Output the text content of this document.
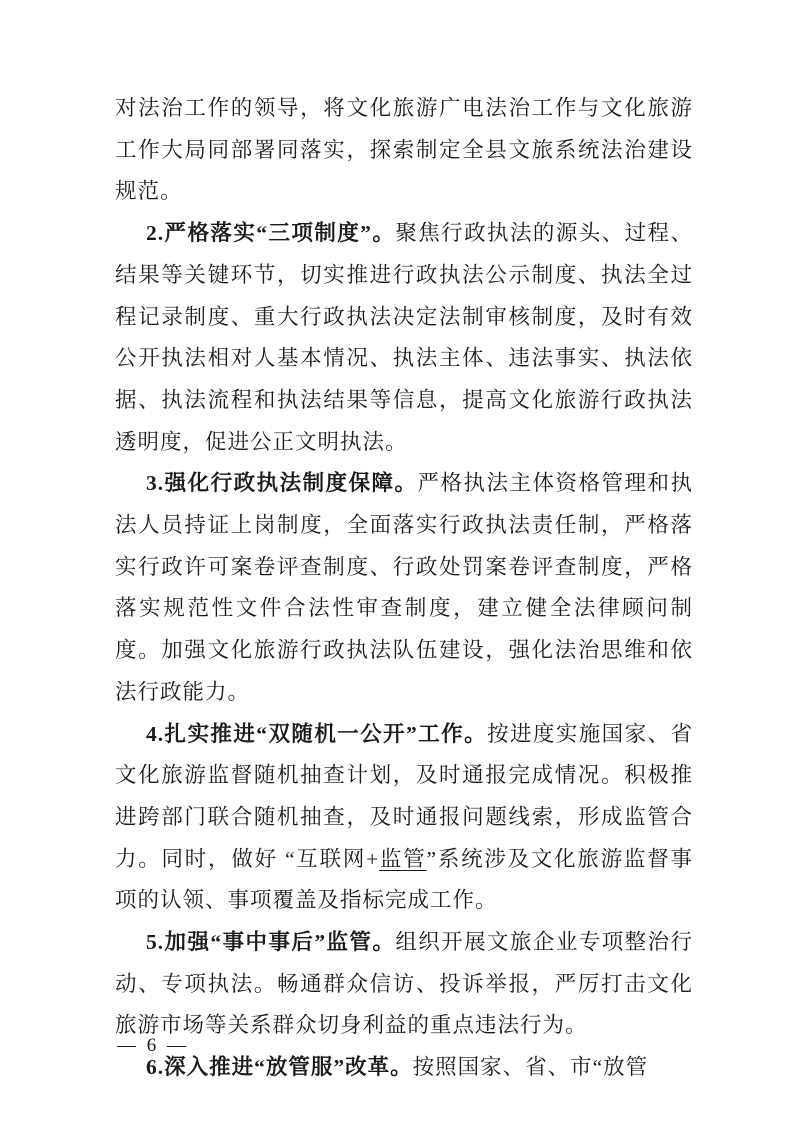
对法治工作的领导，将文化旅游广电法治工作与文化旅游工作大局同部署同落实，探索制定全县文旅系统法治建设规范。

2.严格落实“三项制度”。聚焦行政执法的源头、过程、结果等关键环节，切实推进行政执法公示制度、执法全过程记录制度、重大行政执法决定法制审核制度，及时有效公开执法相对人基本情况、执法主体、违法事实、执法依据、执法流程和执法结果等信息，提高文化旅游行政执法透明度，促进公正文明执法。

3.强化行政执法制度保障。严格执法主体资格管理和执法人员持证上岗制度，全面落实行政执法责任制，严格落实行政许可案卷评查制度、行政处罚案卷评查制度，严格落实规范性文件合法性审查制度，建立健全法律顾问制度。加强文化旅游行政执法队伍建设，强化法治思维和依法行政能力。

4.扎实推进“双随机一公开”工作。按进度实施国家、省文化旅游监督随机抽查计划，及时通报完成情况。积极推进跨部门联合随机抽查，及时通报问题线索，形成监管合力。同时，做好 “互联网+监管”系统涉及文化旅游监督事项的认领、事项覆盖及指标完成工作。

5.加强“事中事后”监管。组织开展文旅企业专项整治行动、专项执法。畅通群众信访、投诉举报，严厉打击文化旅游市场等关系群众切身利益的重点违法行为。

6.深入推进“放管服”改革。按照国家、省、市“放管

— 6 —
